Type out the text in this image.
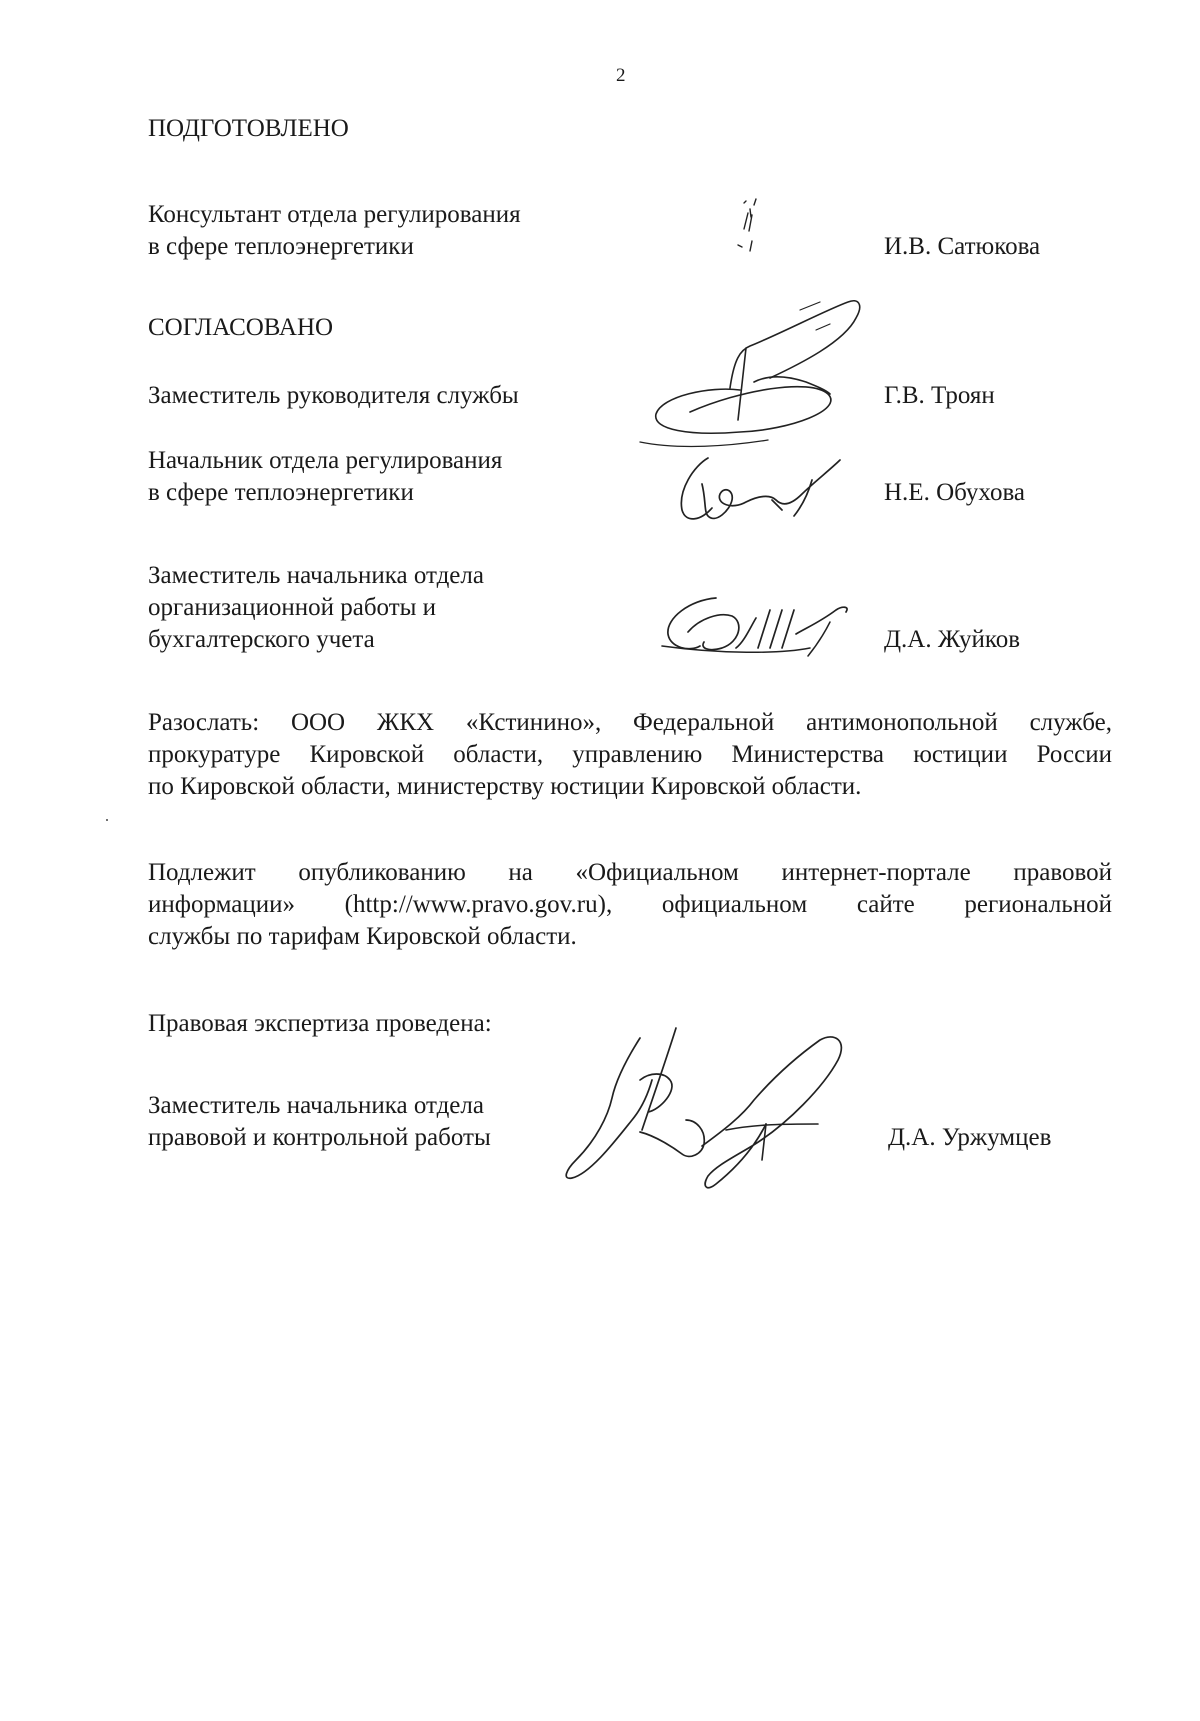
2
ПОДГОТОВЛЕНО
Консультант отдела регулирования
в сфере теплоэнергетики	И.В. Сатюкова
СОГЛАСОВАНО
Заместитель руководителя службы	Г.В. Троян
Начальник отдела регулирования
в сфере теплоэнергетики	Н.Е. Обухова
Заместитель начальника отдела
организационной работы и
бухгалтерского учета	Д.А. Жуйков
Разослать: ООО ЖКХ «Кстинино», Федеральной антимонопольной службе,
прокуратуре Кировской области, управлению Министерства юстиции России
по Кировской области, министерству юстиции Кировской области.
Подлежит опубликованию на «Официальном интернет-портале правовой
информации» (http://www.pravo.gov.ru), официальном сайте региональной
службы по тарифам Кировской области.
Правовая экспертиза проведена:
Заместитель начальника отдела
правовой и контрольной работы	Д.А. Уржумцев
